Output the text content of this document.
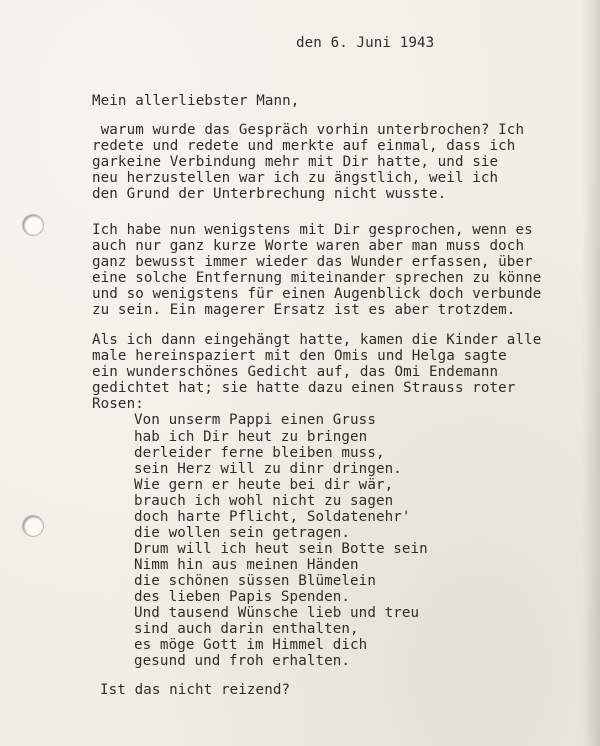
den 6. Juni 1943

Mein allerliebster Mann,

warum wurde das Gespräch vorhin unterbrochen? Ich

redete und redete und merkte auf einmal, dass ich

garkeine Verbindung mehr mit Dir hatte, und sie

neu herzustellen war ich zu ängstlich, weil ich

den Grund der Unterbrechung nicht wusste.

Ich habe nun wenigstens mit Dir gesprochen, wenn es

auch nur ganz kurze Worte waren aber man muss doch

ganz bewusst immer wieder das Wunder erfassen, über

eine solche Entfernung miteinander sprechen zu könne

und so wenigstens für einen Augenblick doch verbunde

zu sein. Ein magerer Ersatz ist es aber trotzdem.

Als ich dann eingehängt hatte, kamen die Kinder alle

male hereinspaziert mit den Omis und Helga sagte

ein wunderschönes Gedicht auf, das Omi Endemann

gedichtet hat; sie hatte dazu einen Strauss roter

Rosen:

Von unserm Pappi einen Gruss

hab ich Dir heut zu bringen

derleider ferne bleiben muss,

sein Herz will zu dinr dringen.

Wie gern er heute bei dir wär,

brauch ich wohl nicht zu sagen

doch harte Pflicht, Soldatenehr'

die wollen sein getragen.

Drum will ich heut sein Botte sein

Nimm hin aus meinen Händen

die schönen süssen Blümelein

des lieben Papis Spenden.

Und tausend Wünsche lieb und treu

sind auch darin enthalten,

es möge Gott im Himmel dich

gesund und froh erhalten.

Ist das nicht reizend?
